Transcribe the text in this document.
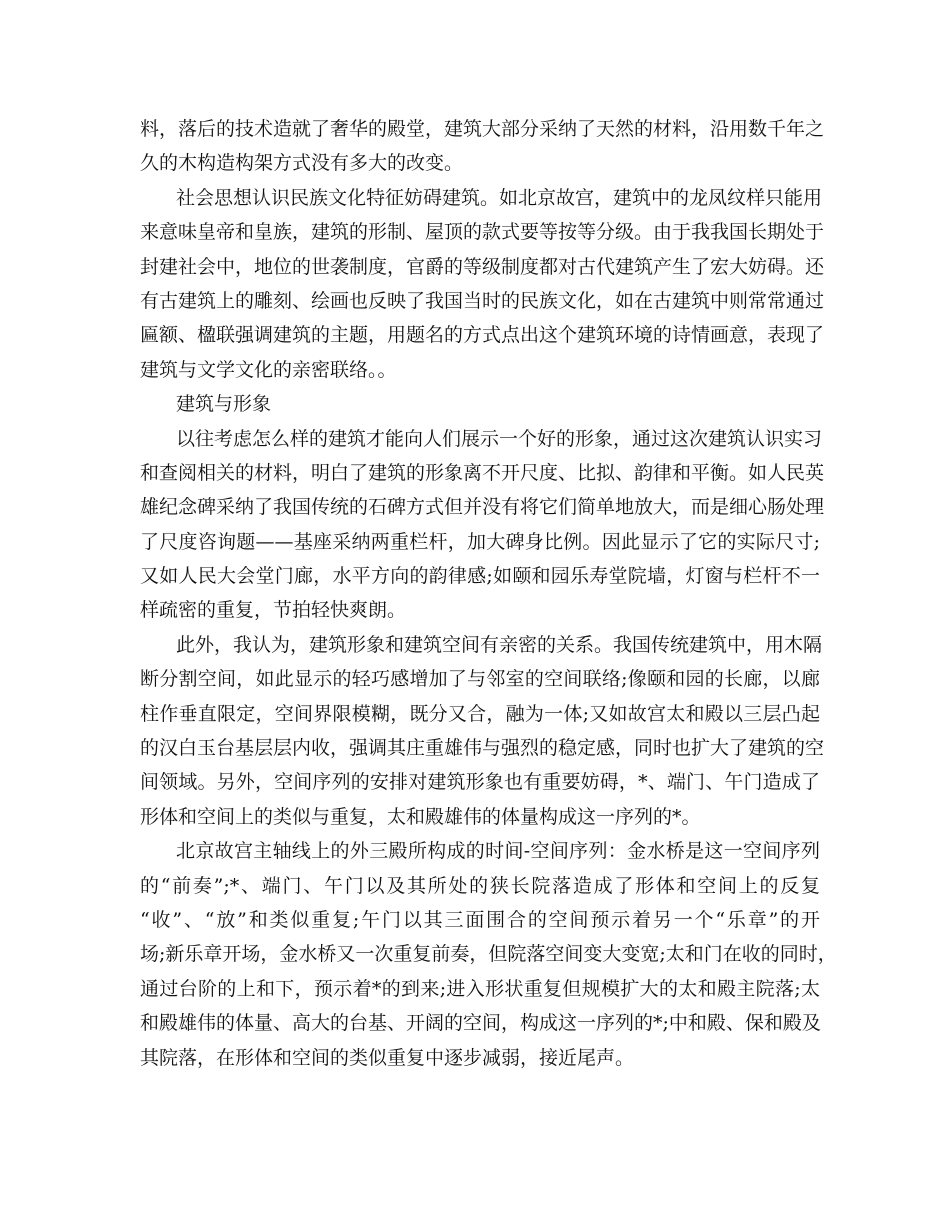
料，落后的技术造就了奢华的殿堂，建筑大部分采纳了天然的材料，沿用数千年之
久的木构造构架方式没有多大的改变。
社会思想认识民族文化特征妨碍建筑。如北京故宫，建筑中的龙凤纹样只能用
来意味皇帝和皇族，建筑的形制、屋顶的款式要等按等分级。由于我我国长期处于
封建社会中，地位的世袭制度，官爵的等级制度都对古代建筑产生了宏大妨碍。还
有古建筑上的雕刻、绘画也反映了我国当时的民族文化，如在古建筑中则常常通过
匾额、楹联强调建筑的主题，用题名的方式点出这个建筑环境的诗情画意，表现了
建筑与文学文化的亲密联络。。
建筑与形象
以往考虑怎么样的建筑才能向人们展示一个好的形象，通过这次建筑认识实习
和查阅相关的材料，明白了建筑的形象离不开尺度、比拟、韵律和平衡。如人民英
雄纪念碑采纳了我国传统的石碑方式但并没有将它们简单地放大，而是细心肠处理
了尺度咨询题——基座采纳两重栏杆，加大碑身比例。因此显示了它的实际尺寸;
又如人民大会堂门廊，水平方向的韵律感;如颐和园乐寿堂院墙，灯窗与栏杆不一
样疏密的重复，节拍轻快爽朗。
此外，我认为，建筑形象和建筑空间有亲密的关系。我国传统建筑中，用木隔
断分割空间，如此显示的轻巧感增加了与邻室的空间联络;像颐和园的长廊，以廊
柱作垂直限定，空间界限模糊，既分又合，融为一体;又如故宫太和殿以三层凸起
的汉白玉台基层层内收，强调其庄重雄伟与强烈的稳定感，同时也扩大了建筑的空
间领域。另外，空间序列的安排对建筑形象也有重要妨碍，*、端门、午门造成了
形体和空间上的类似与重复，太和殿雄伟的体量构成这一序列的*。
北京故宫主轴线上的外三殿所构成的时间-空间序列：金水桥是这一空间序列
的“前奏”;*、端门、午门以及其所处的狭长院落造成了形体和空间上的反复
“收”、“放”和类似重复;午门以其三面围合的空间预示着另一个“乐章”的开
场;新乐章开场，金水桥又一次重复前奏，但院落空间变大变宽;太和门在收的同时，
通过台阶的上和下，预示着*的到来;进入形状重复但规模扩大的太和殿主院落;太
和殿雄伟的体量、高大的台基、开阔的空间，构成这一序列的*;中和殿、保和殿及
其院落，在形体和空间的类似重复中逐步减弱，接近尾声。
